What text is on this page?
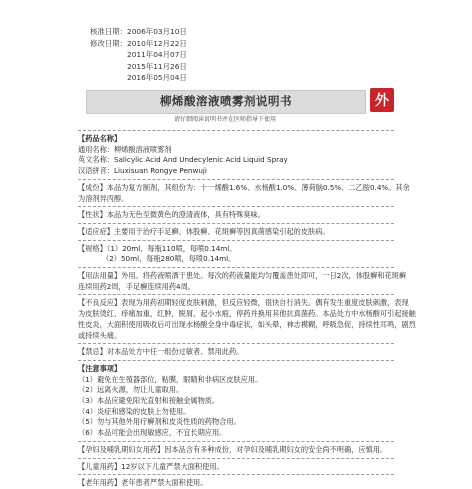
核准日期： 2006年03月10日
修改日期： 2010年12月22日
2011年04月07日
2015年11月26日
2016年05月04日
柳烯酸溶液喷雾剂说明书
请仔细阅读说明书并在医师指导下使用
外
【药品名称】
通用名称：柳烯酸溶液喷雾剂
英文名称：Salicylic Acid And Undecylenic Acid Liquid Spray
汉语拼音：Liuxisuan Rongye Penwuji
【成份】本品为复方制剂，其组份为：十一烯酸1.6%、水杨酸1.0%、薄荷脑0.5%、二乙胺0.4%。其余
为溶剂异丙醇。
【性状】本品为无色至微黄色的澄清液体，具有特殊臭味。
【适应症】主要用于治疗手足癣、体股癣、花斑癣等因真菌感染引起的皮肤病。
【规格】（1）20ml，每瓶110喷，每喷0.14ml。
（2）50ml，每瓶280喷，每喷0.14ml。
【用法用量】外用。将药液喷洒于患处。每次的药液量能均匀覆盖患处即可，一日2次，体股癣和花斑癣
连续用药2周，手足癣连续用药4周。
【不良反应】表现为用药初期轻度皮肤刺激，但反应轻微，很快自行消失。偶有发生重度皮肤刺激，表现
为皮肤烫红、痒痛加重，红肿，脱屑，起小水疱，停药并换用其他抗真菌药。本品处方中水杨酸可引起接触
性皮炎，大面积使用吸收后可出现水杨酸全身中毒症状，如头晕，神志模糊，呼吸急促，持续性耳鸣，剧烈
或持续头痛。
【禁忌】对本品处方中任一组份过敏者、禁用此药。
【注意事项】
（1）避免在生殖器部位，粘膜，眼睛和非病区皮肤应用。
（2）远离火源，勿让儿童取用。
（3）本品应避免阳光直射和接触金属物质。
（4）炎症和感染的皮肤上勿使用。
（5）勿与其他外用疗癣剂和皮炎性质的药物合用。
（6）本品可能会出现敏感应，不宜长期应用。
【孕妇及哺乳期妇女用药】因本品含有多种成份，对孕妇及哺乳期妇女的安全尚不明确，应慎用。
【儿童用药】12岁以下儿童严禁大面积使用。
【老年用药】老年患者严禁大面积使用。
